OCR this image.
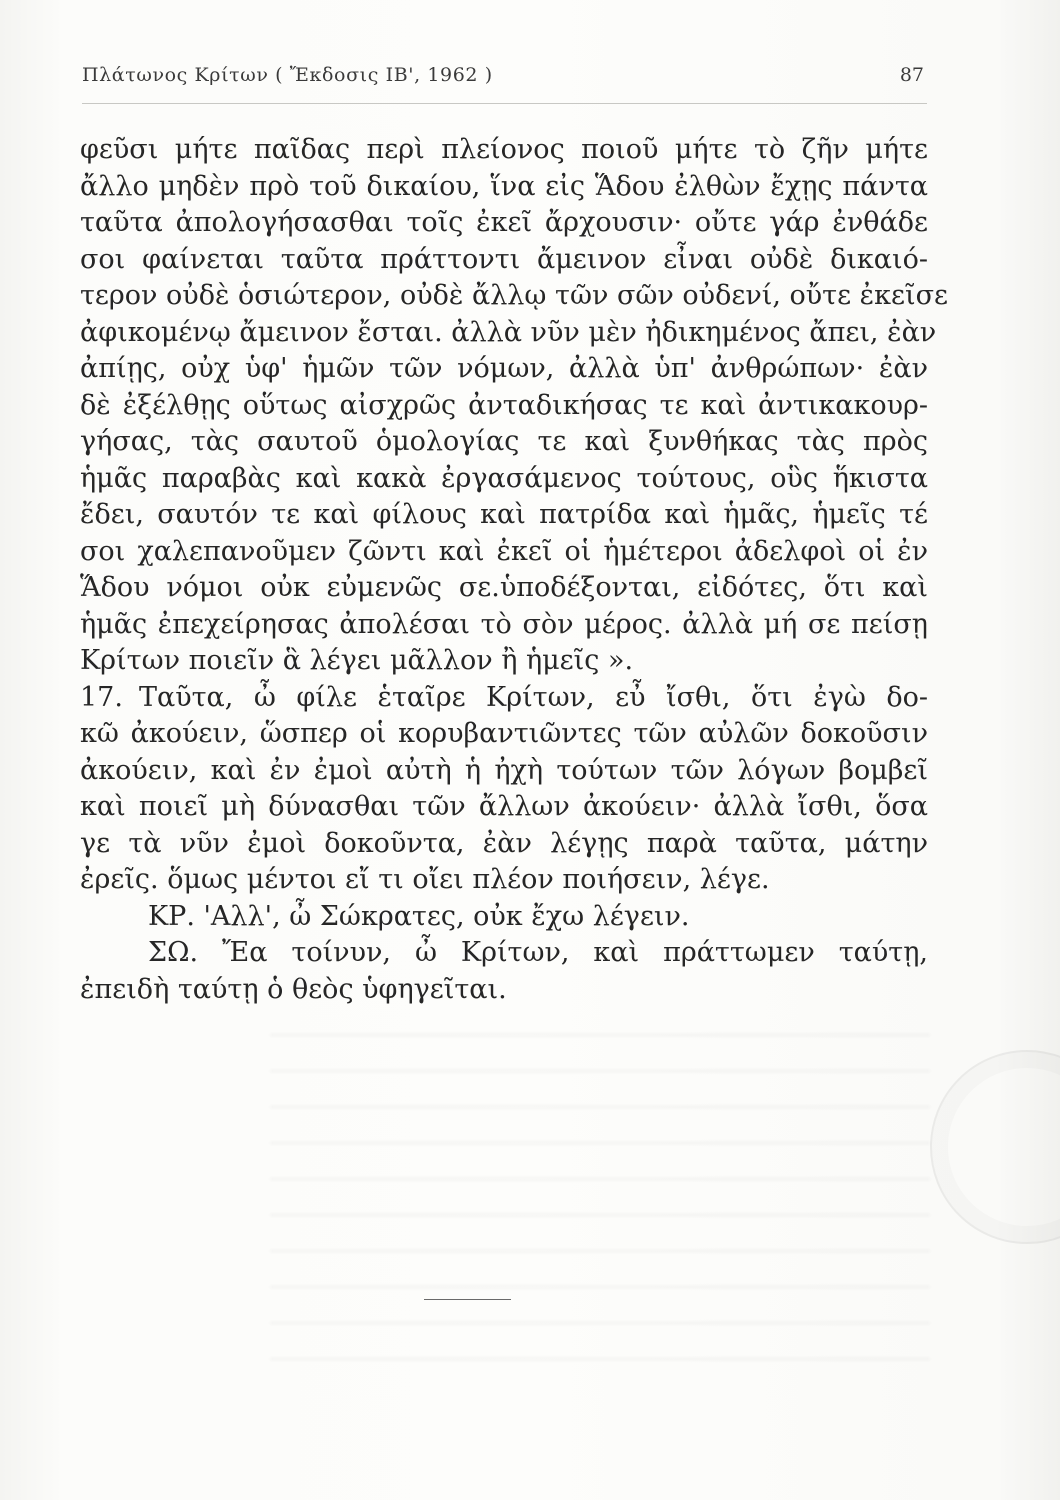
Πλάτωνος Κρίτων ( Ἔκδοσις ΙΒ', 1962 )	87
φεῦσι μήτε παῖδας περὶ πλείονος ποιοῦ μήτε τὸ ζῆν μήτε
ἄλλο μηδὲν πρὸ τοῦ δικαίου, ἵνα εἰς Ἅδου ἐλθὼν ἔχῃς πάντα
ταῦτα ἀπολογήσασθαι τοῖς ἐκεῖ ἄρχουσιν· οὔτε γάρ ἐνθάδε
σοι φαίνεται ταῦτα πράττοντι ἄμεινον εἶναι οὐδὲ δικαιό-
τερον οὐδὲ ὁσιώτερον, οὐδὲ ἄλλῳ τῶν σῶν οὐδενί, οὔτε ἐκεῖσε
ἀφικομένῳ ἄμεινον ἔσται. ἀλλὰ νῦν μὲν ἠδικημένος ἄπει, ἐὰν
ἀπίῃς, οὐχ ὑφ' ἡμῶν τῶν νόμων, ἀλλὰ ὑπ' ἀνθρώπων· ἐὰν
δὲ ἐξέλθῃς οὕτως αἰσχρῶς ἀνταδικήσας τε καὶ ἀντικακουρ-
γήσας, τὰς σαυτοῦ ὁμολογίας τε καὶ ξυνθήκας τὰς πρὸς
ἡμᾶς παραβὰς καὶ κακὰ ἐργασάμενος τούτους, οὓς ἥκιστα
ἔδει, σαυτόν τε καὶ φίλους καὶ πατρίδα καὶ ἡμᾶς, ἡμεῖς τέ
σοι χαλεπανοῦμεν ζῶντι καὶ ἐκεῖ οἱ ἡμέτεροι ἀδελφοὶ οἱ ἐν
Ἅδου νόμοι οὐκ εὐμενῶς σε.ὑποδέξονται, εἰδότες, ὅτι καὶ
ἡμᾶς ἐπεχείρησας ἀπολέσαι τὸ σὸν μέρος. ἀλλὰ μή σε πείσῃ
Κρίτων ποιεῖν ἃ λέγει μᾶλλον ἢ ἡμεῖς ».
17. Ταῦτα, ὦ φίλε ἑταῖρε Κρίτων, εὖ ἴσθι, ὅτι ἐγὼ δο-
κῶ ἀκούειν, ὥσπερ οἱ κορυβαντιῶντες τῶν αὐλῶν δοκοῦσιν
ἀκούειν, καὶ ἐν ἐμοὶ αὐτὴ ἡ ἠχὴ τούτων τῶν λόγων βομβεῖ
καὶ ποιεῖ μὴ δύνασθαι τῶν ἄλλων ἀκούειν· ἀλλὰ ἴσθι, ὅσα
γε τὰ νῦν ἐμοὶ δοκοῦντα, ἐὰν λέγῃς παρὰ ταῦτα, μάτην
ἐρεῖς. ὅμως μέντοι εἴ τι οἴει πλέον ποιήσειν, λέγε.
ΚΡ. 'Αλλ', ὦ Σώκρατες, οὐκ ἔχω λέγειν.
ΣΩ. Ἔα τοίνυν, ὦ Κρίτων, καὶ πράττωμεν ταύτῃ,
ἐπειδὴ ταύτῃ ὁ θεὸς ὑφηγεῖται.
